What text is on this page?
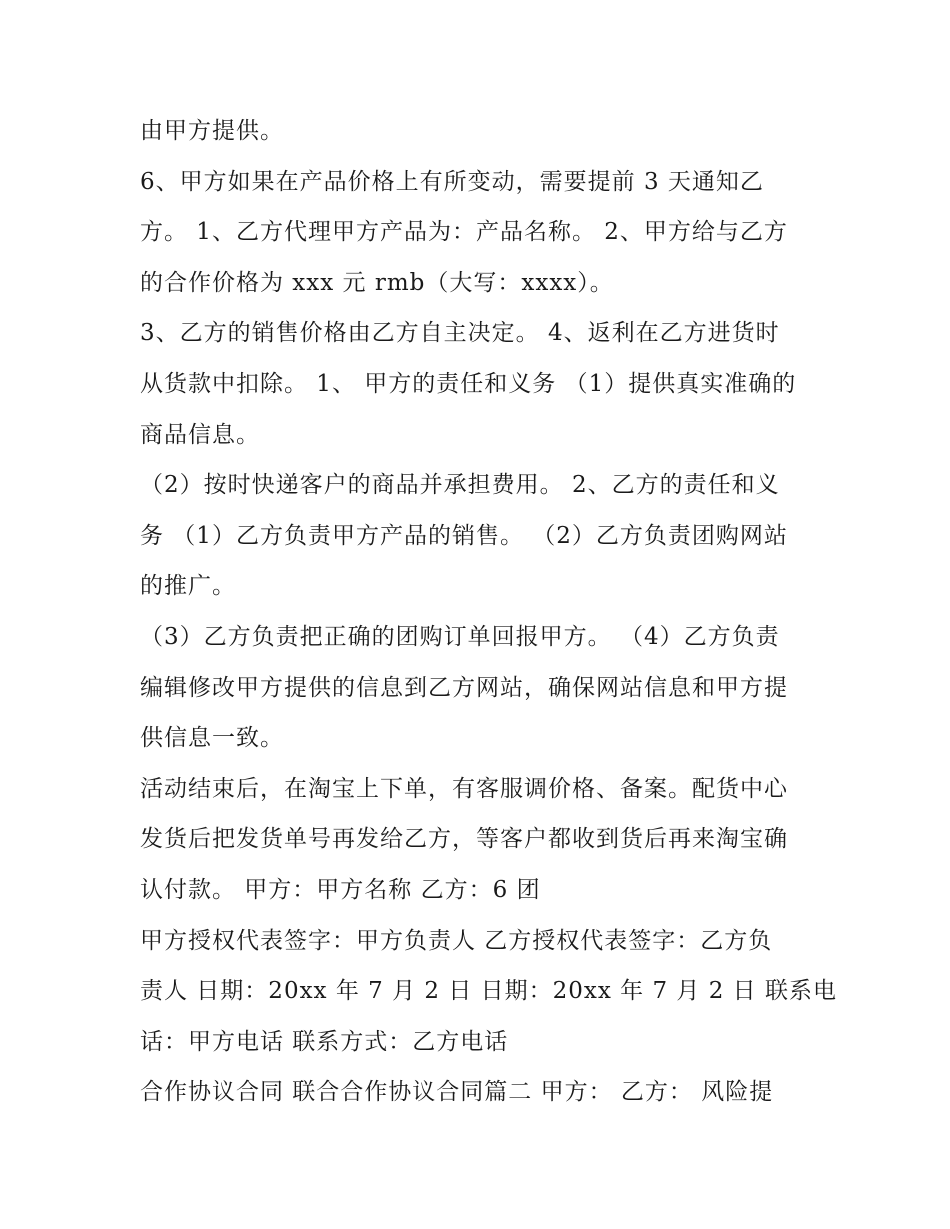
由甲方提供。
6、甲方如果在产品价格上有所变动，需要提前 3 天通知乙
方。 1、乙方代理甲方产品为：产品名称。 2、甲方给与乙方
的合作价格为 xxx 元 rmb（大写：xxxx）。
3、乙方的销售价格由乙方自主决定。 4、返利在乙方进货时
从货款中扣除。 1、 甲方的责任和义务 （1）提供真实准确的
商品信息。
（2）按时快递客户的商品并承担费用。 2、乙方的责任和义
务 （1）乙方负责甲方产品的销售。 （2）乙方负责团购网站
的推广。
（3）乙方负责把正确的团购订单回报甲方。 （4）乙方负责
编辑修改甲方提供的信息到乙方网站，确保网站信息和甲方提
供信息一致。
活动结束后，在淘宝上下单，有客服调价格、备案。配货中心
发货后把发货单号再发给乙方，等客户都收到货后再来淘宝确
认付款。 甲方：甲方名称 乙方：6 团
甲方授权代表签字：甲方负责人 乙方授权代表签字：乙方负
责人 日期：20xx 年 7 月 2 日 日期：20xx 年 7 月 2 日 联系电
话：甲方电话 联系方式：乙方电话
合作协议合同 联合合作协议合同篇二 甲方： 乙方： 风险提
